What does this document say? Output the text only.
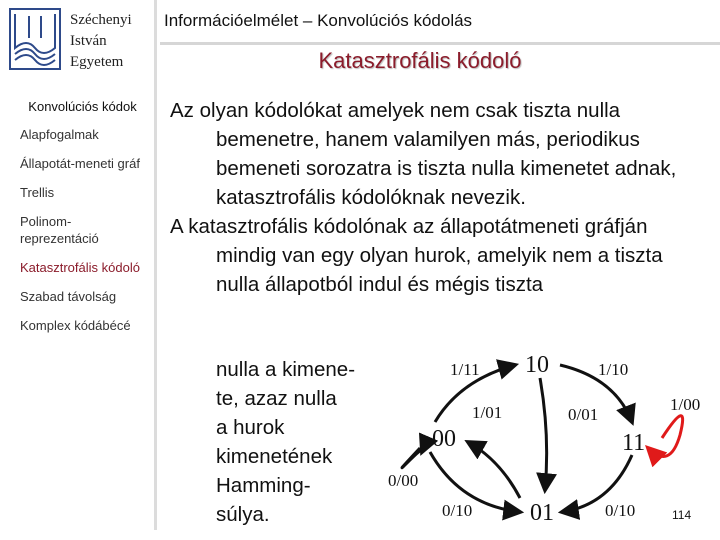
Széchenyi
István
Egyetem
Konvolúciós kódok
Alapfogalmak
Állapotát-meneti gráf
Trellis
Polinom-reprezentáció
Katasztrofális kódoló
Szabad távolság
Komplex kódábécé
Információelmélet – Konvolúciós kódolás
Katasztrofális kódoló

Az olyan kódolókat amelyek nem csak tiszta nulla bemenetre, hanem valamilyen más, periodikus bemeneti sorozatra is tiszta nulla kimenetet adnak, katasztrofális kódolóknak nevezik.

A katasztrofális kódolónak az állapotátmeneti gráfján mindig van egy olyan hurok, amelyik nem a tiszta nulla állapotból indul és mégis tiszta

nulla a kimene-
te, azaz nulla
a hurok
kimenetének
Hamming-
súlya.
10
00	11
01
1/11	1/10
1/00
1/01	0/01
0/00
0/10	0/10	114
